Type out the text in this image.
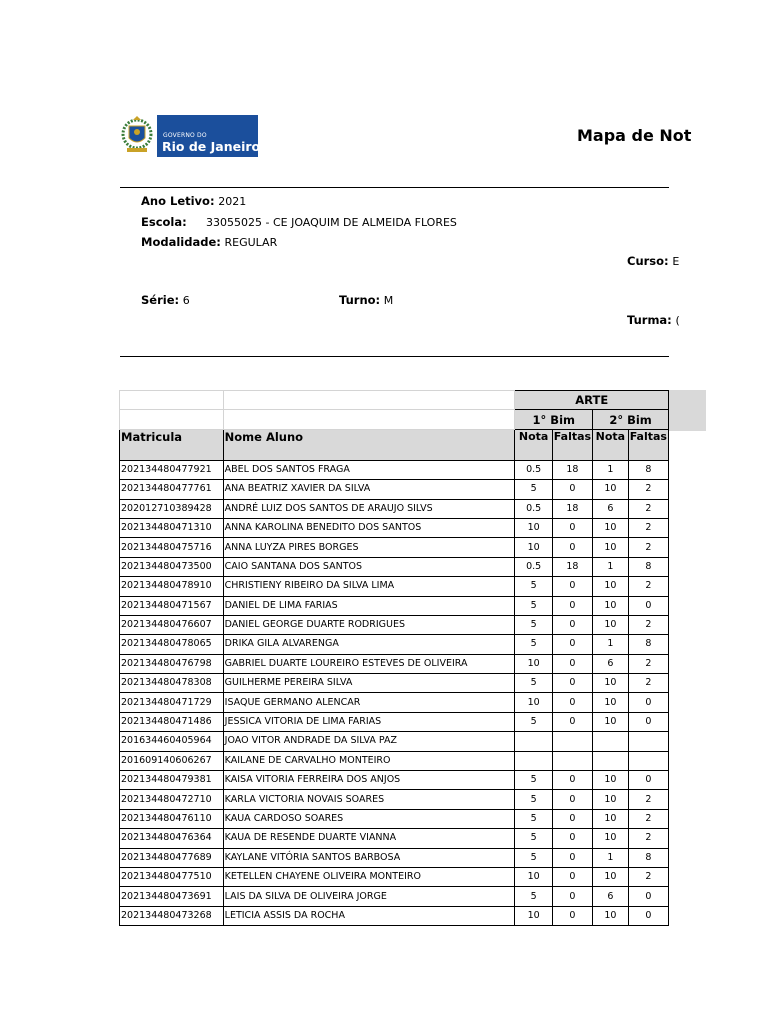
GOVERNO DO
Rio de Janeiro
Mapa de Not
Ano Letivo: 2021
Escola: 33055025 - CE JOAQUIM DE ALMEIDA FLORES
Modalidade: REGULAR
Curso: E
Série: 6	Turno: M
Turma: (
		ARTE			
		1° Bim		2° Bim	
Matricula	Nome Aluno	Nota	Faltas	Nota	Faltas
202134480477921	ABEL DOS SANTOS FRAGA	0.5	18	1	8
202134480477761	ANA BEATRIZ XAVIER DA SILVA	5	0	10	2
202012710389428	ANDRÉ LUIZ DOS SANTOS DE ARAUJO SILVS	0.5	18	6	2
202134480471310	ANNA KAROLINA BENEDITO DOS SANTOS	10	0	10	2
202134480475716	ANNA LUYZA PIRES BORGES	10	0	10	2
202134480473500	CAIO SANTANA DOS SANTOS	0.5	18	1	8
202134480478910	CHRISTIENY RIBEIRO DA SILVA LIMA	5	0	10	2
202134480471567	DANIEL DE LIMA FARIAS	5	0	10	0
202134480476607	DANIEL GEORGE DUARTE RODRIGUES	5	0	10	2
202134480478065	DRIKA GILA ALVARENGA	5	0	1	8
202134480476798	GABRIEL DUARTE LOUREIRO ESTEVES DE OLIVEIRA	10	0	6	2
202134480478308	GUILHERME PEREIRA SILVA	5	0	10	2
202134480471729	ISAQUE GERMANO ALENCAR	10	0	10	0
202134480471486	JESSICA VITORIA DE LIMA FARIAS	5	0	10	0
201634460405964	JOAO VITOR ANDRADE DA SILVA PAZ				
201609140606267	KAILANE DE CARVALHO MONTEIRO				
202134480479381	KAISA VITORIA FERREIRA DOS ANJOS	5	0	10	0
202134480472710	KARLA VICTORIA NOVAIS SOARES	5	0	10	2
202134480476110	KAUA CARDOSO SOARES	5	0	10	2
202134480476364	KAUA DE RESENDE DUARTE VIANNA	5	0	10	2
202134480477689	KAYLANE VITÓRIA SANTOS BARBOSA	5	0	1	8
202134480477510	KETELLEN CHAYENE OLIVEIRA MONTEIRO	10	0	10	2
202134480473691	LAIS DA SILVA DE OLIVEIRA JORGE	5	0	6	0
202134480473268	LETICIA ASSIS DA ROCHA	10	0	10	0
